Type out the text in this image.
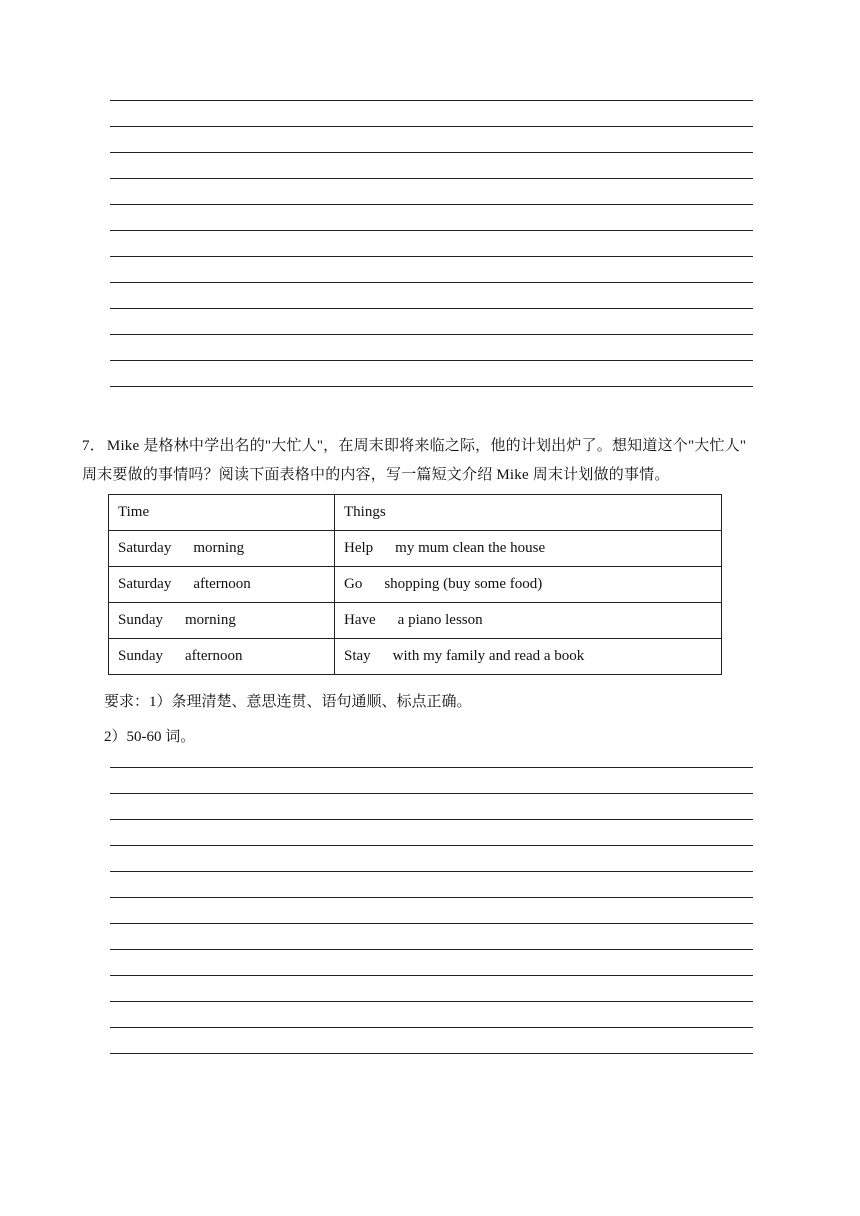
7． Mike 是格林中学出名的"大忙人"，在周末即将来临之际，他的计划出炉了。想知道这个"大忙人"

周末要做的事情吗？阅读下面表格中的内容，写一篇短文介绍 Mike 周末计划做的事情。

Time	Things
Saturday morning	Help my mum clean the house
Saturday afternoon	Go shopping (buy some food)
Sunday morning	Have a piano lesson
Sunday afternoon	Stay with my family and read a book
要求：1）条理清楚、意思连贯、语句通顺、标点正确。
2）50-60 词。
